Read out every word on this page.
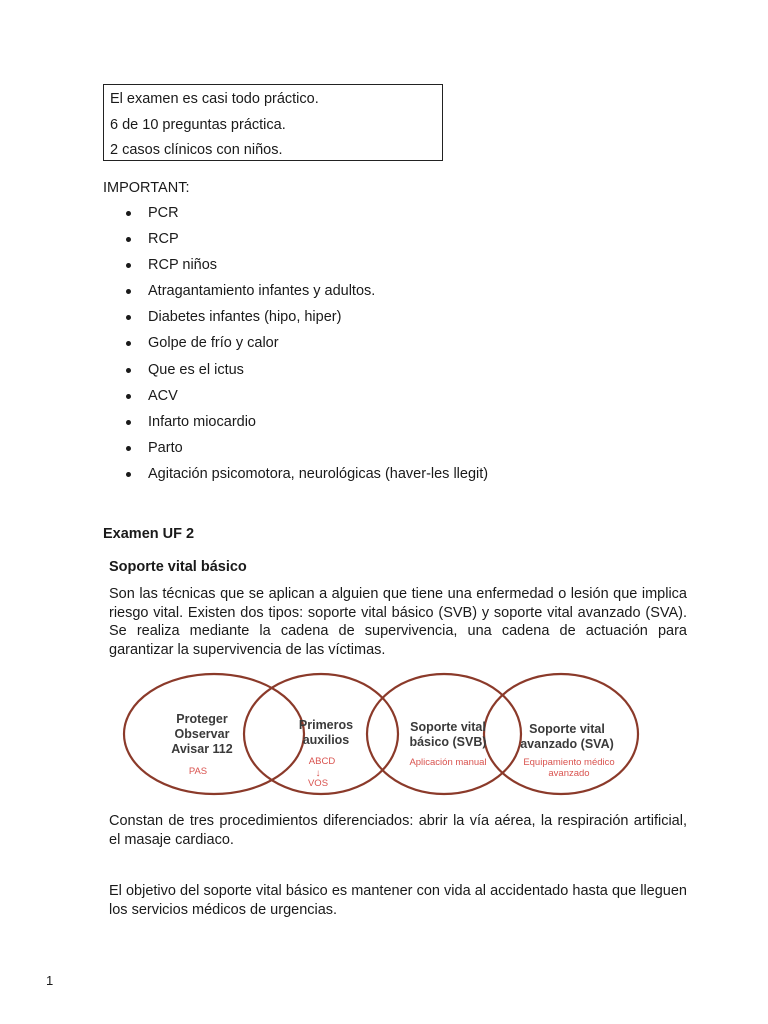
El examen es casi todo práctico.

6 de 10 preguntas práctica.

2 casos clínicos con niños.

IMPORTANT:
PCR
RCP
RCP niños
Atragantamiento infantes y adultos.
Diabetes infantes (hipo, hiper)
Golpe de frío y calor
Que es el ictus
ACV
Infarto miocardio
Parto
Agitación psicomotora, neurológicas (haver-les llegit)
Examen UF 2
Soporte vital básico

Son las técnicas que se aplican a alguien que tiene una enfermedad o lesión que implica riesgo vital. Existen dos tipos: soporte vital básico (SVB) y soporte vital avanzado (SVA). Se realiza mediante la cadena de supervivencia, una cadena de actuación para garantizar la supervivencia de las víctimas.

Proteger
Observar
Avisar 112
PAS
Primeros
auxilios
ABCD
↓
VOS
Soporte vital
básico (SVB)
Aplicación manual
Soporte vital
avanzado (SVA)
Equipamiento médico
avanzado

Constan de tres procedimientos diferenciados: abrir la vía aérea, la respiración artificial, el masaje cardiaco.

El objetivo del soporte vital básico es mantener con vida al accidentado hasta que lleguen los servicios médicos de urgencias.

1
